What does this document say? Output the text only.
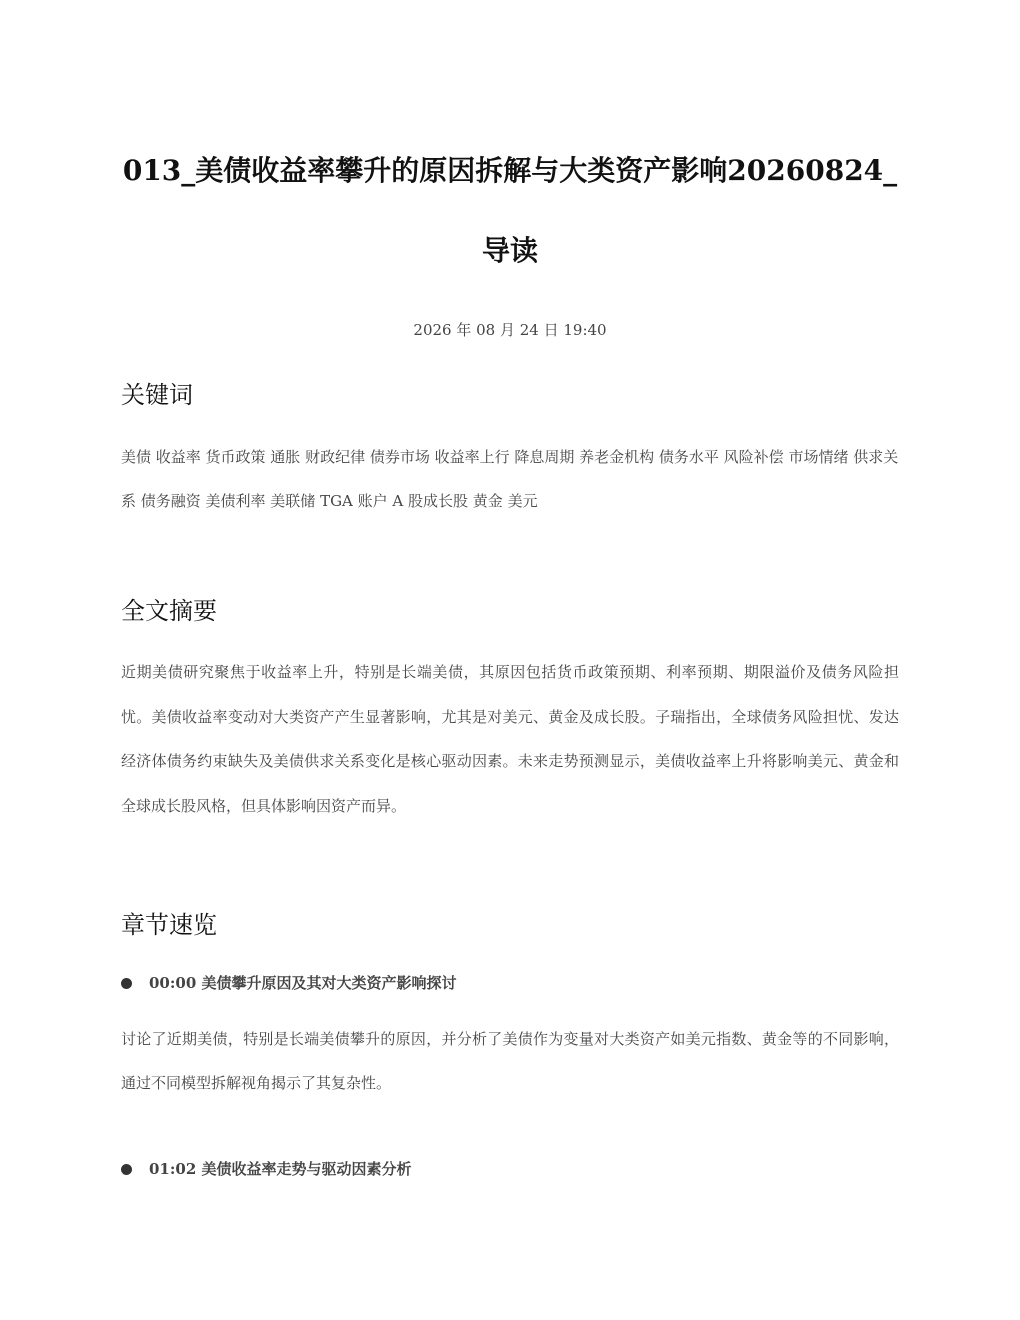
013_美债收益率攀升的原因拆解与大类资产影响20260824_导读
2026 年 08 月 24 日 19:40
关键词
美债 收益率 货币政策 通胀 财政纪律 债券市场 收益率上行 降息周期 养老金机构 债务水平 风险补偿 市场情绪 供求关系 债务融资 美债利率 美联储 TGA 账户 A 股成长股 黄金 美元
全文摘要
近期美债研究聚焦于收益率上升，特别是长端美债，其原因包括货币政策预期、利率预期、期限溢价及债务风险担忧。美债收益率变动对大类资产产生显著影响，尤其是对美元、黄金及成长股。子瑞指出，全球债务风险担忧、发达经济体债务约束缺失及美债供求关系变化是核心驱动因素。未来走势预测显示，美债收益率上升将影响美元、黄金和全球成长股风格，但具体影响因资产而异。
章节速览
00:00 美债攀升原因及其对大类资产影响探讨
讨论了近期美债，特别是长端美债攀升的原因，并分析了美债作为变量对大类资产如美元指数、黄金等的不同影响，通过不同模型拆解视角揭示了其复杂性。
01:02 美债收益率走势与驱动因素分析
